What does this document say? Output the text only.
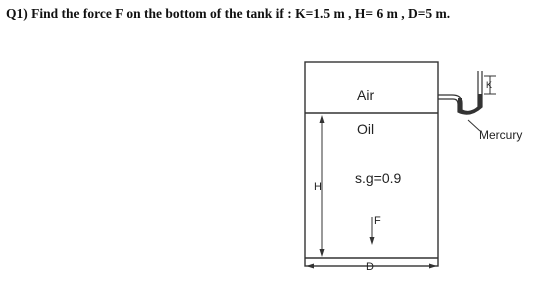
Q1) Find the force F on the bottom of the tank if : K=1.5 m , H= 6 m , D=5 m.
Air
Oil
s.g=0.9
F
H
D
K
Mercury
